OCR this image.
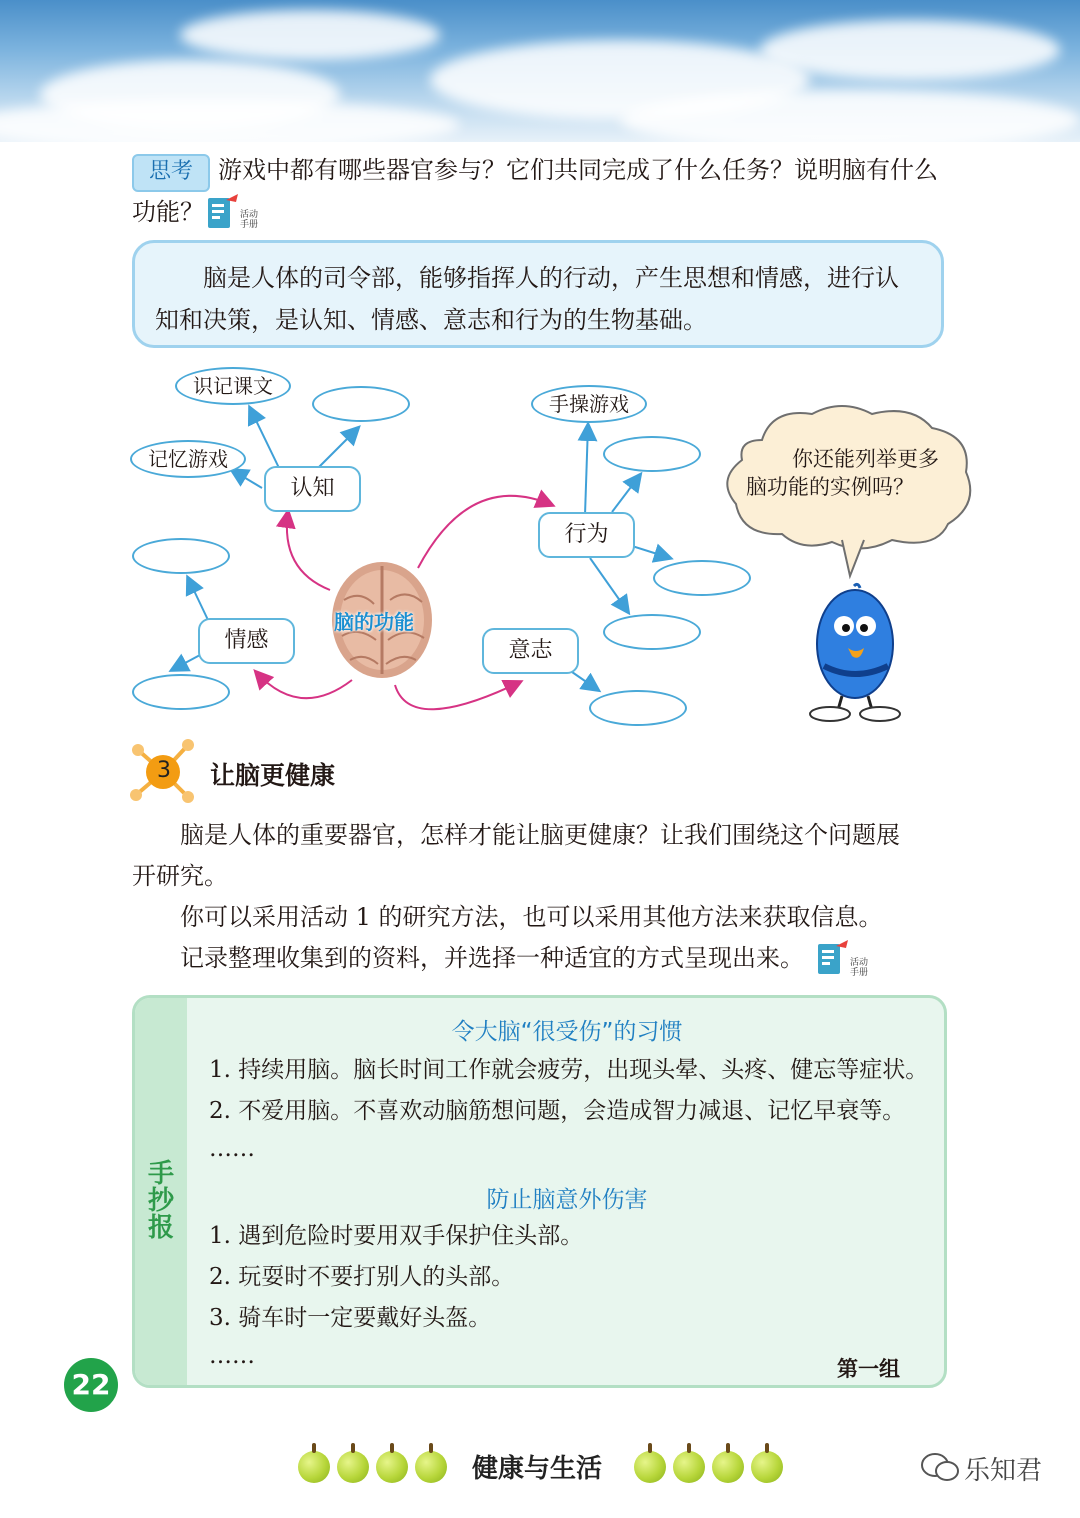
思考	游戏中都有哪些器官参与？它们共同完成了什么任务？说明脑有什么
功能？	活动手册
脑是人体的司令部，能够指挥人的行动，产生思想和情感，进行认
知和决策，是认知、情感、意志和行为的生物基础。
脑的功能
认知
行为
情感	意志
识记课文
记忆游戏
手操游戏
你还能列举更多
脑功能的实例吗？
3 让脑更健康
脑是人体的重要器官，怎样才能让脑更健康？让我们围绕这个问题展
开研究。
你可以采用活动 1 的研究方法，也可以采用其他方法来获取信息。
记录整理收集到的资料，并选择一种适宜的方式呈现出来。	活动手册
手
抄
报
令大脑“很受伤”的习惯
1. 持续用脑。脑长时间工作就会疲劳，出现头晕、头疼、健忘等症状。
2. 不爱用脑。不喜欢动脑筋想问题，会造成智力减退、记忆早衰等。
……
防止脑意外伤害
1. 遇到危险时要用双手保护住头部。
2. 玩耍时不要打别人的头部。
3. 骑车时一定要戴好头盔。
……	第一组
22
健康与生活	乐知君
